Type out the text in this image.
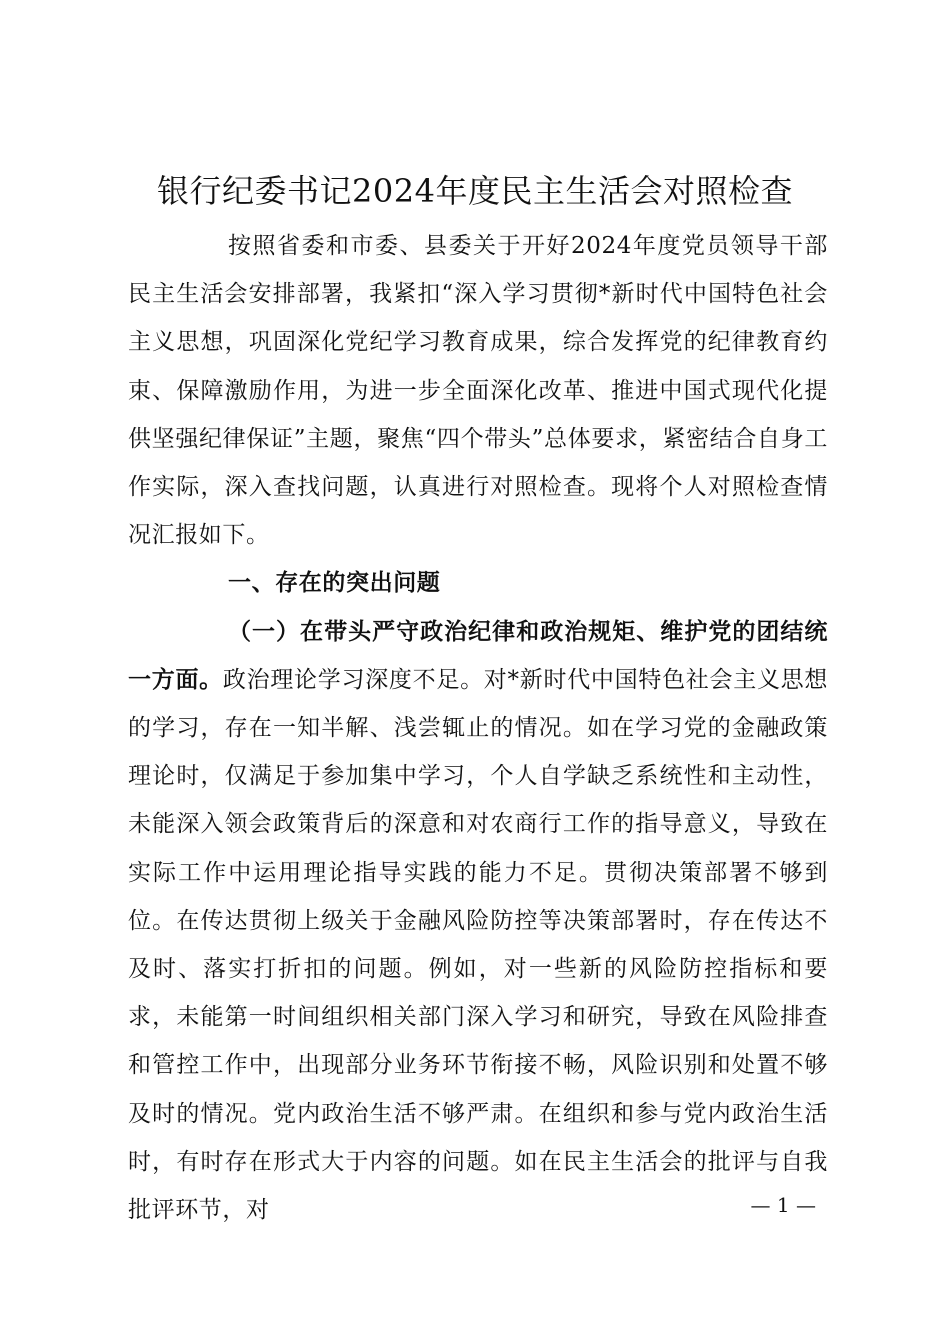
银行纪委书记2024年度民主生活会对照检查

按照省委和市委、县委关于开好2024年度党员领导干部民主生活会安排部署，我紧扣“深入学习贯彻*新时代中国特色社会主义思想，巩固深化党纪学习教育成果，综合发挥党的纪律教育约束、保障激励作用，为进一步全面深化改革、推进中国式现代化提供坚强纪律保证”主题，聚焦“四个带头”总体要求，紧密结合自身工作实际，深入查找问题，认真进行对照检查。现将个人对照检查情况汇报如下。

一、存在的突出问题

（一）在带头严守政治纪律和政治规矩、维护党的团结统一方面。政治理论学习深度不足。对*新时代中国特色社会主义思想的学习，存在一知半解、浅尝辄止的情况。如在学习党的金融政策理论时，仅满足于参加集中学习，个人自学缺乏系统性和主动性，未能深入领会政策背后的深意和对农商行工作的指导意义，导致在实际工作中运用理论指导实践的能力不足。贯彻决策部署不够到位。在传达贯彻上级关于金融风险防控等决策部署时，存在传达不及时、落实打折扣的问题。例如，对一些新的风险防控指标和要求，未能第一时间组织相关部门深入学习和研究，导致在风险排查和管控工作中，出现部分业务环节衔接不畅，风险识别和处置不够及时的情况。党内政治生活不够严肃。在组织和参与党内政治生活时，有时存在形式大于内容的问题。如在民主生活会的批评与自我批评环节，对	— 1 —
